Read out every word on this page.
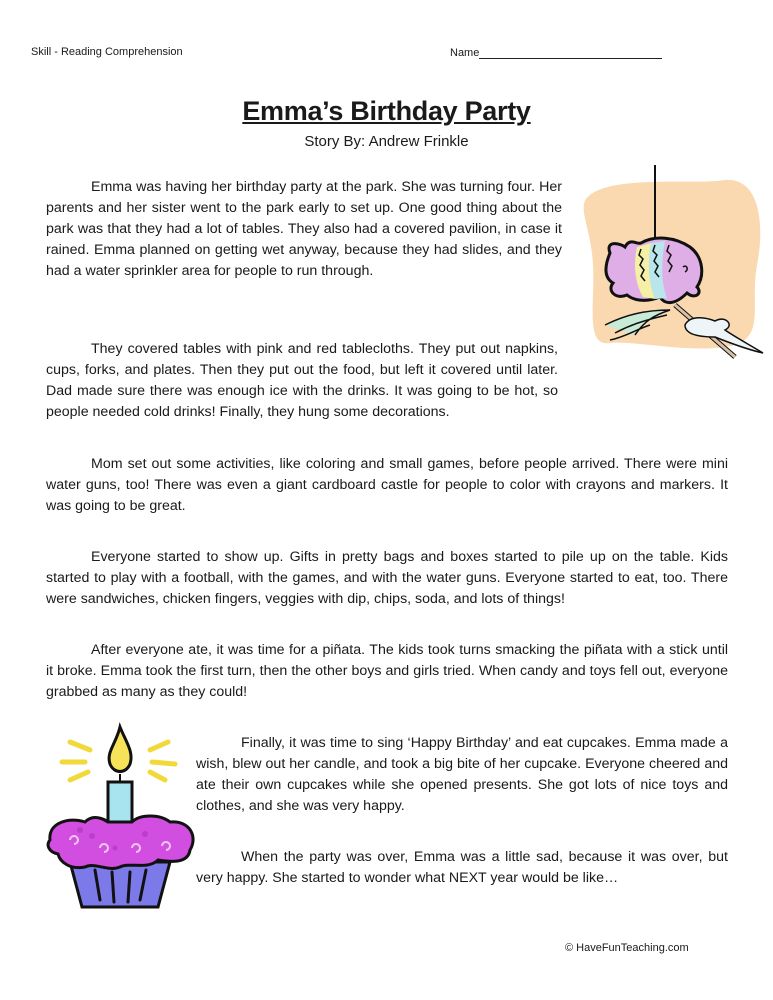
Skill - Reading Comprehension	Name
Emma’s Birthday Party
Story By: Andrew Frinkle

Emma was having her birthday party at the park. She was turning four. Her parents and her sister went to the park early to set up. One good thing about the park was that they had a lot of tables. They also had a covered pavilion, in case it rained. Emma planned on getting wet anyway, because they had slides, and they had a water sprinkler area for people to run through.

They covered tables with pink and red tablecloths. They put out napkins, cups, forks, and plates. Then they put out the food, but left it covered until later. Dad made sure there was enough ice with the drinks. It was going to be hot, so people needed cold drinks! Finally, they hung some decorations.

Mom set out some activities, like coloring and small games, before people arrived. There were mini water guns, too! There was even a giant cardboard castle for people to color with crayons and markers. It was going to be great.

Everyone started to show up. Gifts in pretty bags and boxes started to pile up on the table. Kids started to play with a football, with the games, and with the water guns. Everyone started to eat, too. There were sandwiches, chicken fingers, veggies with dip, chips, soda, and lots of things!

After everyone ate, it was time for a piñata. The kids took turns smacking the piñata with a stick until it broke. Emma took the first turn, then the other boys and girls tried. When candy and toys fell out, everyone grabbed as many as they could!

Finally, it was time to sing ‘Happy Birthday’ and eat cupcakes. Emma made a wish, blew out her candle, and took a big bite of her cupcake. Everyone cheered and ate their own cupcakes while she opened presents. She got lots of nice toys and clothes, and she was very happy.

When the party was over, Emma was a little sad, because it was over, but very happy. She started to wonder what NEXT year would be like…

© HaveFunTeaching.com
